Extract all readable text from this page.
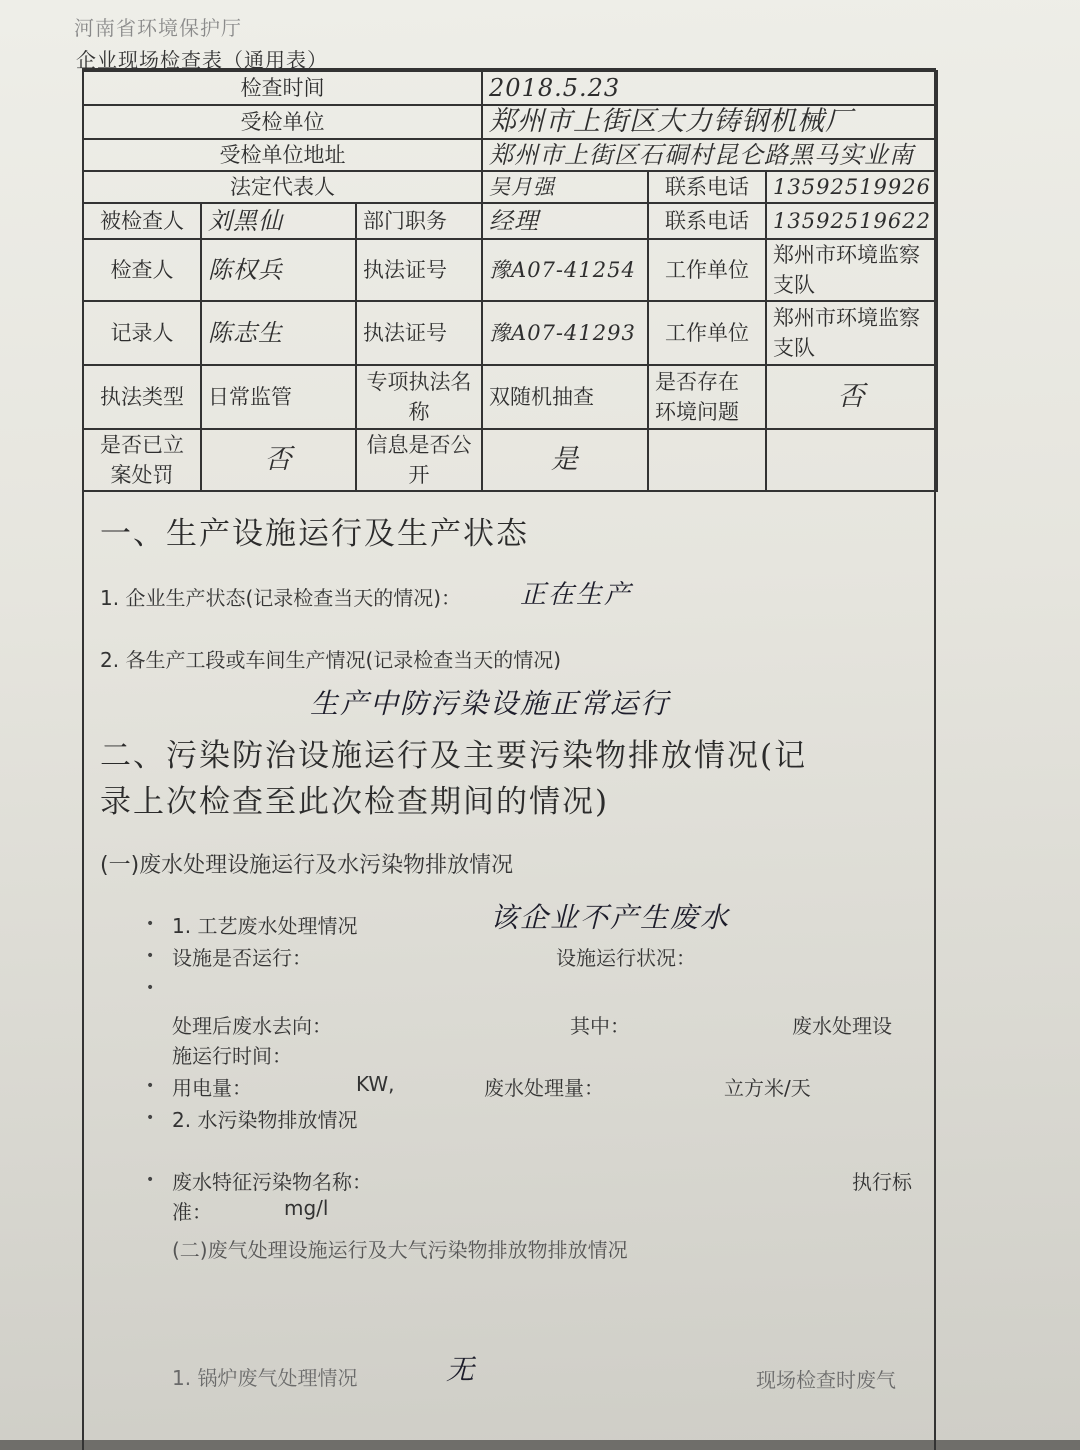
河南省环境保护厅
企业现场检查表（通用表）
检查时间			2018.5.23		
受检单位			郑州市上街区大力铸钢机械厂		
受检单位地址			郑州市上街区石硐村昆仑路黑马实业南		
法定代表人			吴月强	联系电话	13592519926
被检查人	刘黑仙	部门职务	经理	联系电话	13592519622
检查人	陈权兵	执法证号	豫A07-41254	工作单位	郑州市环境监察支队
记录人	陈志生	执法证号	豫A07-41293	工作单位	郑州市环境监察支队
执法类型	日常监管	专项执法名称	双随机抽查	是否存在环境问题	否
是否已立案处罚	否	信息是否公开	是		
一、生产设施运行及生产状态
1. 企业生产状态(记录检查当天的情况)： 正在生产
2. 各生产工段或车间生产情况(记录检查当天的情况)
生产中防污染设施正常运行
二、污染防治设施运行及主要污染物排放情况(记
录上次检查至此次检查期间的情况)
(一)废水处理设施运行及水污染物排放情况
• 1. 工艺废水处理情况	该企业不产生废水
• 设施是否运行：	设施运行状况：
•
处理后废水去向：	其中：	废水处理设
施运行时间：
• 用电量：	KW,	废水处理量：	立方米/天
• 2. 水污染物排放情况
• 废水特征污染物名称：	执行标
准：	mg/l
(二)废气处理设施运行及大气污染物排放物排放情况
1. 锅炉废气处理情况	无	现场检查时废气
